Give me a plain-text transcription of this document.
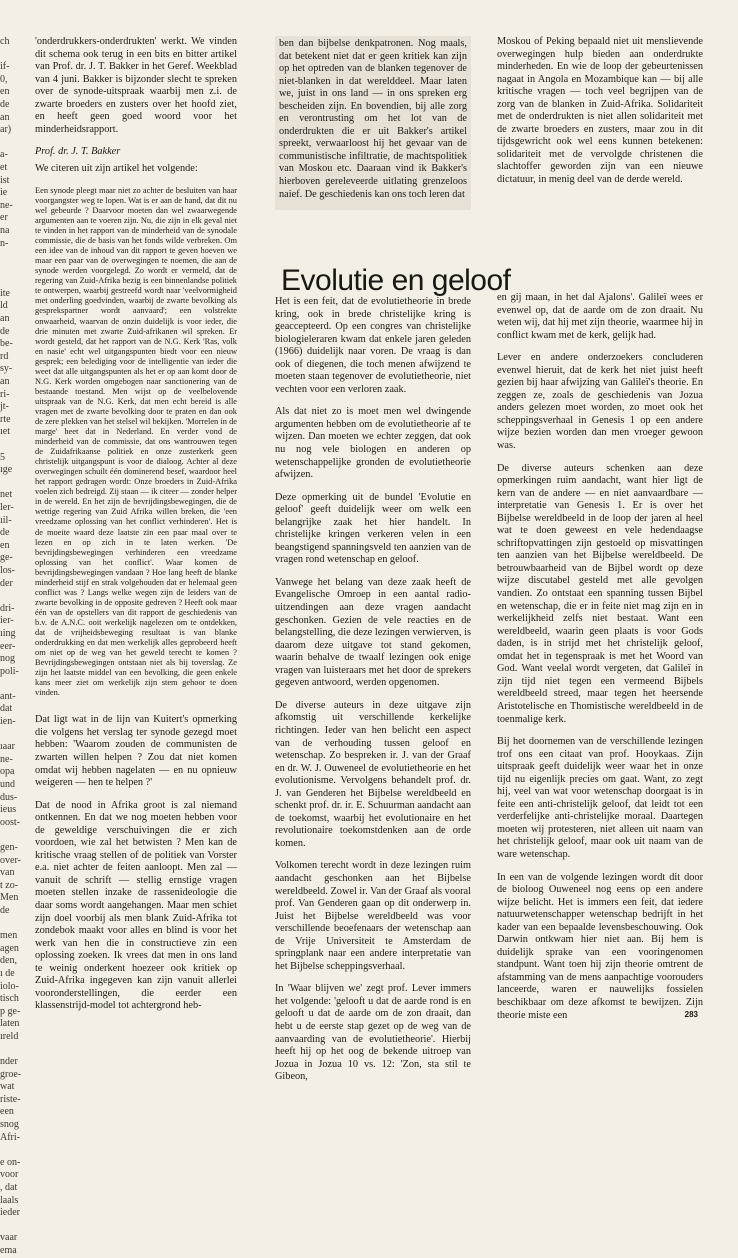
ch
if-
0,
en
de
an
ar)
a-
et
ist
ie
ne-
er
na
n-
ite
ld
an
de
be-
rd
sy-
an
ri-
jt-
rte
ıet
5
ıge
net
ler-
ıil-
de
en
ge-
los-
der
dri-
ier-
ıing
eer-
nog
poli-
ant-
dat
ien-
ıaar
ne-
opa
und
dus-
ieus
oost-
gen-
over-
van
t zo-
Men
de
men
agen
den,
ı de
iolo-
tisch
p ge-
laten
ıreld
nder
groe-
wat
riste-
een
snog
Afri-
e on-
voor
, dat
laals
ieder
vaar
ema

'onderdrukkers-onderdrukten' werkt. We vinden dit schema ook terug in een bits en bitter artikel van Prof. dr. J. T. Bakker in het Geref. Weekblad van 4 juni. Bakker is bijzonder slecht te spreken over de synode-uitspraak waarbij men z.i. de zwarte broeders en zusters over het hoofd ziet, en heeft geen goed woord voor het minderheidsrapport.

Prof. dr. J. T. Bakker

We citeren uit zijn artikel het volgende:

Een synode pleegt maar niet zo achter de besluiten van haar voorgangster weg te lopen. Wat is er aan de hand, dat dit nu wel gebeurde ? Daarvoor moeten dan wel zwaarwegende argumenten aan te voeren zijn. Nu, die zijn in elk geval niet te vinden in het rapport van de minderheid van de synodale commissie, die de basis van het fonds wilde verbreken. Om een idee van de inhoud van dit rapport te geven hoeven we maar een paar van de overwegingen te noemen, die aan de synode werden voorgelegd. Zo wordt er vermeld, dat de regering van Zuid-Afrika bezig is een binnenlandse politiek te ontwerpen, waarbij gestreefd wordt naar 'veelvormigheid met onderling goedvinden, waarbij de zwarte bevolking als gesprekspartner wordt aanvaard'; een volstrekte onwaarheid, waarvan de onzin duidelijk is voor ieder, die drie minuten met zwarte Zuid-afrikanen wil spreken. Er wordt gesteld, dat het rapport van de N.G. Kerk 'Ras, volk en nasie' echt wel uitgangspunten biedt voor een nieuw gesprek; een belediging voor de intelligentie van ieder die weet dat alle uitgangspunten als het er op aan komt door de N.G. Kerk worden omgebogen naar sanctionering van de bestaande toestand. Men wijst op de veelbelovende uitspraak van de N.G. Kerk, dat men echt bereid is alle vragen met de zwarte bevolking door te praten en dan ook de zere plekken van het stelsel wil bekijken. 'Morrelen in de marge' heet dat in Nederland. En verder vond de minderheid van de commissie, dat ons wantrouwen tegen de Zuidafrikaanse politiek en onze zusterkerk geen christelijk uitgangspunt is voor de dialoog. Achter al deze overwegingen schuilt één dominerend besef, waardoor heel het rapport gedragen wordt: Onze broeders in Zuid-Afrika voelen zich bedreigd. Zij staan — ik citeer — zonder helper in de wereld. En het zijn de bevrijdingsbewegingen, die de wettige regering van Zuid Afrika willen breken, die 'een vreedzame oplossing van het conflict verhinderen'. Het is de moeite waard deze laatste zin een paar maal over te lezen en op zich in te laten werken. 'De bevrijdingsbewegingen verhinderen een vreedzame oplossing van het conflict'. Waar komen de bevrijdingsbewegingen vandaan ? Hoe lang heeft de blanke minderheid stijf en strak volgehouden dat er helemaal geen conflict was ? Langs welke wegen zijn de leiders van de zwarte bevolking in de opposite gedreven ? Heeft ook maar één van de opstellers van dit rapport de geschiedenis van b.v. de A.N.C. ooit werkelijk nagelezen om te ontdekken, dat de vrijheidsbeweging resultaat is van blanke onderdrukking en dat men werkelijk alles geprobeerd heeft om niet op de weg van het geweld terecht te komen ? Bevrijdingsbewegingen ontstaan niet als bij toverslag. Ze zijn het laatste middel van een bevolking, die geen enkele kans meer ziet om werkelijk zijn stem gehoor te doen vinden.

Dat ligt wat in de lijn van Kuitert's opmerking die volgens het verslag ter synode gezegd moet hebben: 'Waarom zouden de communisten de zwarten willen helpen ? Zou dat niet komen omdat wij hebben nagelaten — en nu opnieuw weigeren — hen te helpen ?'

Dat de nood in Afrika groot is zal niemand ontkennen. En dat we nog moeten hebben voor de geweldige verschuivingen die er zich voordoen, wie zal het betwisten ? Men kan de kritische vraag stellen of de politiek van Vorster e.a. niet achter de feiten aanloopt. Men zal — vanuit de schrift — stellig ernstige vragen moeten stellen inzake de rassenideologie die daar soms wordt aangehangen. Maar men schiet zijn doel voorbij als men blank Zuid-Afrika tot zondebok maakt voor alles en blind is voor het werk van hen die in constructieve zin een oplossing zoeken. Ik vrees dat men in ons land te weinig onderkent hoezeer ook kritiek op Zuid-Afrika ingegeven kan zijn vanuit allerlei vooronderstellingen, die eerder een klassenstrijd-model tot achtergrond heb-

ben dan bijbelse denkpatronen. Nog maals, dat betekent niet dat er geen kritiek kan zijn op het optreden van de blanken tegenover de niet-blanken in dat werelddeel. Maar laten we, juist in ons land — in ons spreken erg bescheiden zijn. En bovendien, bij alle zorg en verontrusting om het lot van de onderdrukten die er uit Bakker's artikel spreekt, verwaarloost hij het gevaar van de communistische infiltratie, de machtspolitiek van Moskou etc. Daaraan vind ik Bakker's hierboven gereleveerde uitlating grenzeloos naief. De geschiedenis kan ons toch leren dat

Het is een feit, dat de evolutietheorie in brede kring, ook in brede christelijke kring is geaccepteerd. Op een congres van christelijke biologieleraren kwam dat enkele jaren geleden (1966) duidelijk naar voren. De vraag is dan ook of diegenen, die toch menen afwijzend te moeten staan tegenover de evolutietheorie, niet vechten voor een verloren zaak.

Als dat niet zo is moet men wel dwingende argumenten hebben om de evolutietheorie af te wijzen. Dan moeten we echter zeggen, dat ook nu nog vele biologen en anderen op wetenschappelijke gronden de evolutietheorie afwijzen.

Deze opmerking uit de bundel 'Evolutie en geloof' geeft duidelijk weer om welk een belangrijke zaak het hier handelt. In christelijke kringen verkeren velen in een beangstigend spanningsveld ten aanzien van de vragen rond wetenschap en geloof.

Vanwege het belang van deze zaak heeft de Evangelische Omroep in een aantal radio-uitzendingen aan deze vragen aandacht geschonken. Gezien de vele reacties en de belangstelling, die deze lezingen verwierven, is daarom deze uitgave tot stand gekomen, waarin behalve de twaalf lezingen ook enige vragen van luisteraars met het door de sprekers gegeven antwoord, werden opgenomen.

De diverse auteurs in deze uitgave zijn afkomstig uit verschillende kerkelijke richtingen. Ieder van hen belicht een aspect van de verhouding tussen geloof en wetenschap. Zo bespreken ir. J. van der Graaf en dr. W. J. Ouweneel de evolutietheorie en het evolutionisme. Vervolgens behandelt prof. dr. J. van Genderen het Bijbelse wereldbeeld en schenkt prof. dr. ir. E. Schuurman aandacht aan de toekomst, waarbij het evolutionaire en het revolutionaire toekomstdenken aan de orde komen.

Volkomen terecht wordt in deze lezingen ruim aandacht geschonken aan het Bijbelse wereldbeeld. Zowel ir. Van der Graaf als vooral prof. Van Genderen gaan op dit onderwerp in. Juist het Bijbelse wereldbeeld was voor verschillende beoefenaars der wetenschap aan de Vrije Universiteit te Amsterdam de springplank naar een andere interpretatie van het Bijbelse scheppingsverhaal.

In 'Waar blijven we' zegt prof. Lever immers het volgende: 'gelooft u dat de aarde rond is en gelooft u dat de aarde om de zon draait, dan hebt u de eerste stap gezet op de weg van de aanvaarding van de evolutietheorie'. Hierbij heeft hij op het oog de bekende uitroep van Jozua in Jozua 10 vs. 12: 'Zon, sta stil te Gibeon,

Moskou of Peking bepaald niet uit menslievende overwegingen hulp bieden aan onderdrukte minderheden. En wie de loop der gebeurtenissen nagaat in Angola en Mozambique kan — bij alle kritische vragen — toch veel begrijpen van de zorg van de blanken in Zuid-Afrika. Solidariteit met de onderdrukten is niet allen solidariteit met de zwarte broeders en zusters, maar zou in dit tijdsgewricht ook wel eens kunnen betekenen: solidariteit met de vervolgde christenen die slachtoffer geworden zijn van een nieuwe dictatuur, in menig deel van de derde wereld.

en gij maan, in het dal Ajalons'. Galileï wees er evenwel op, dat de aarde om de zon draait. Nu weten wij, dat hij met zijn theorie, waarmee hij in conflict kwam met de kerk, gelijk had.

Lever en andere onderzoekers concluderen evenwel hieruit, dat de kerk het niet juist heeft gezien bij haar afwijzing van Galileï's theorie. En zeggen ze, zoals de geschiedenis van Jozua anders gelezen moet worden, zo moet ook het scheppingsverhaal in Genesis 1 op een andere wijze bezien worden dan men vroeger gewoon was.

De diverse auteurs schenken aan deze opmerkingen ruim aandacht, want hier ligt de kern van de andere — en niet aanvaardbare — interpretatie van Genesis 1. Er is over het Bijbelse wereldbeeld in de loop der jaren al heel wat te doen geweest en vele hedendaagse schriftopvattingen zijn gestoeld op misvattingen ten aanzien van het Bijbelse wereldbeeld. De betrouwbaarheid van de Bijbel wordt op deze wijze discutabel gesteld met alle gevolgen vandien. Zo ontstaat een spanning tussen Bijbel en wetenschap, die er in feite niet mag zijn en in werkelijkheid zelfs niet bestaat. Want een wereldbeeld, waarin geen plaats is voor Gods daden, is in strijd met het christelijk geloof, omdat het in tegenspraak is met het Woord van God. Want veelal wordt vergeten, dat Galileï in zijn tijd niet tegen een vermeend Bijbels wereldbeeld streed, maar tegen het heersende Aristotelische en Thomistische wereldbeeld in de toenmalige kerk.

Bij het doornemen van de verschillende lezingen trof ons een citaat van prof. Hooykaas. Zijn uitspraak geeft duidelijk weer waar het in onze tijd nu eigenlijk precies om gaat. Want, zo zegt hij, veel van wat voor wetenschap doorgaat is in feite een anti-christelijk geloof, dat leidt tot een verderfelijke anti-christelijke moraal. Daartegen moeten wij protesteren, niet alleen uit naam van het christelijk geloof, maar ook uit naam van de ware wetenschap.

In een van de volgende lezingen wordt dit door de bioloog Ouweneel nog eens op een andere wijze belicht. Het is immers een feit, dat iedere natuurwetenschapper wetenschap bedrijft in het kader van een bepaalde levensbeschouwing. Ook Darwin ontkwam hier niet aan. Bij hem is duidelijk sprake van een vooringenomen standpunt. Want toen hij zijn theorie omtrent de afstamming van de mens aanpachtige voorouders lanceerde, waren er nauwelijks fossielen beschikbaar om deze afkomst te bewijzen. Zijn theorie miste een

Evolutie en geloof
283
